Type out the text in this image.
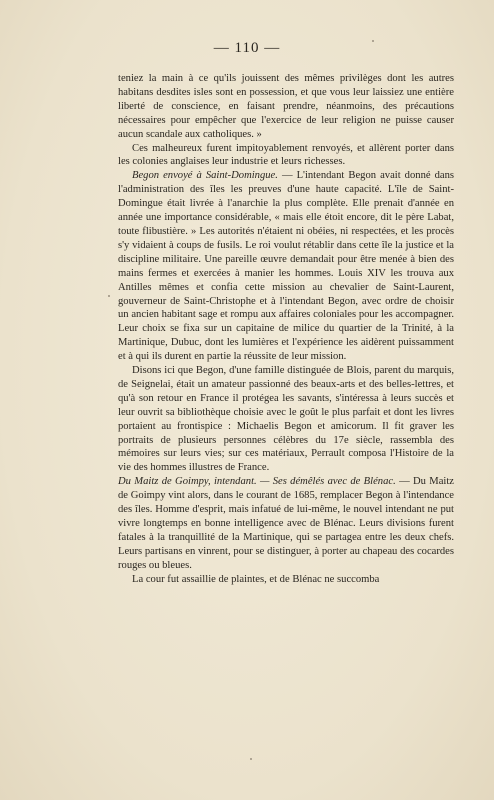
— 110 —

teniez la main à ce qu'ils jouissent des mêmes privilèges dont les autres habitans desdites isles sont en possession, et que vous leur laissiez une entière liberté de conscience, en faisant prendre, néanmoins, des précautions nécessaires pour empêcher que l'exercice de leur religion ne puisse causer aucun scandale aux catholiques. »

Ces malheureux furent impitoyablement renvoyés, et allèrent porter dans les colonies anglaises leur industrie et leurs richesses.

Begon envoyé à Saint-Domingue. — L'intendant Begon avait donné dans l'administration des îles les preuves d'une haute capacité. L'île de Saint-Domingue était livrée à l'anarchie la plus complète. Elle prenait d'année en année une importance considérable, « mais elle étoit encore, dit le père Labat, toute flibustière. » Les autorités n'étaient ni obéies, ni respectées, et les procès s'y vidaient à coups de fusils. Le roi voulut rétablir dans cette île la justice et la discipline militaire. Une pareille œuvre demandait pour être menée à bien des mains fermes et exercées à manier les hommes. Louis XIV les trouva aux Antilles mêmes et confia cette mission au chevalier de Saint-Laurent, gouverneur de Saint-Christophe et à l'intendant Begon, avec ordre de choisir un ancien habitant sage et rompu aux affaires coloniales pour les accompagner. Leur choix se fixa sur un capitaine de milice du quartier de la Trinité, à la Martinique, Dubuc, dont les lumières et l'expérience les aidèrent puissamment et à qui ils durent en partie la réussite de leur mission.

Disons ici que Begon, d'une famille distinguée de Blois, parent du marquis, de Seignelai, était un amateur passionné des beaux-arts et des belles-lettres, et qu'à son retour en France il protégea les savants, s'intéressa à leurs succès et leur ouvrit sa bibliothèque choisie avec le goût le plus parfait et dont les livres portaient au frontispice : Michaelis Begon et amicorum. Il fit graver les portraits de plusieurs personnes célèbres du 17e siècle, rassembla des mémoires sur leurs vies; sur ces matériaux, Perrault composa l'Histoire de la vie des hommes illustres de France.

Du Maitz de Goimpy, intendant. — Ses démêlés avec de Blénac. — Du Maitz de Goimpy vint alors, dans le courant de 1685, remplacer Begon à l'intendance des îles. Homme d'esprit, mais infatué de lui-même, le nouvel intendant ne put vivre longtemps en bonne intelligence avec de Blénac. Leurs divisions furent fatales à la tranquillité de la Martinique, qui se partagea entre les deux chefs. Leurs partisans en vinrent, pour se distinguer, à porter au chapeau des cocardes rouges ou bleues.

La cour fut assaillie de plaintes, et de Blénac ne succomba
